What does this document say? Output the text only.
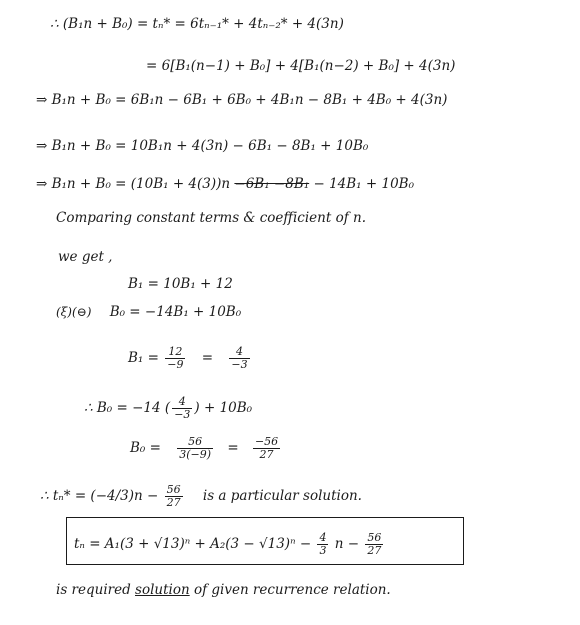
∴ (B₁n + B₀) = tₙ* = 6tₙ₋₁* + 4tₙ₋₂* + 4(3n)
= 6[B₁(n−1) + B₀] + 4[B₁(n−2) + B₀] + 4(3n)
⇒ B₁n + B₀ = 6B₁n − 6B₁ + 6B₀ + 4B₁n − 8B₁ + 4B₀ + 4(3n)
⇒ B₁n + B₀ = 10B₁n + 4(3n) − 6B₁ − 8B₁ + 10B₀
⇒ B₁n + B₀ = (10B₁ + 4(3))n −6B₁ −8B₁ − 14B₁ + 10B₀
Comparing constant terms & coefficient of n.
we get ,
B₁ = 10B₁ + 12
(ξ)(⊖) B₀ = −14B₁ + 10B₀
$B_1 = \frac{12}{-9} = \frac{4}{-3}$
∴ B₀ = −14 ( $\frac{4}{-3}$ ) + 10B₀
$B_0 = \frac{56}{3(-9)} = \frac{-56}{27}$
∴ $t_n* = (-4/3)n - \frac{56}{27}$ is a particular solution.
$t_n = A_1(3 + √13)^n + A_2(3 - √13)^n - \frac{4}{3}$ $n - \frac{56}{27}$
is required solution of given recurrence relation.
